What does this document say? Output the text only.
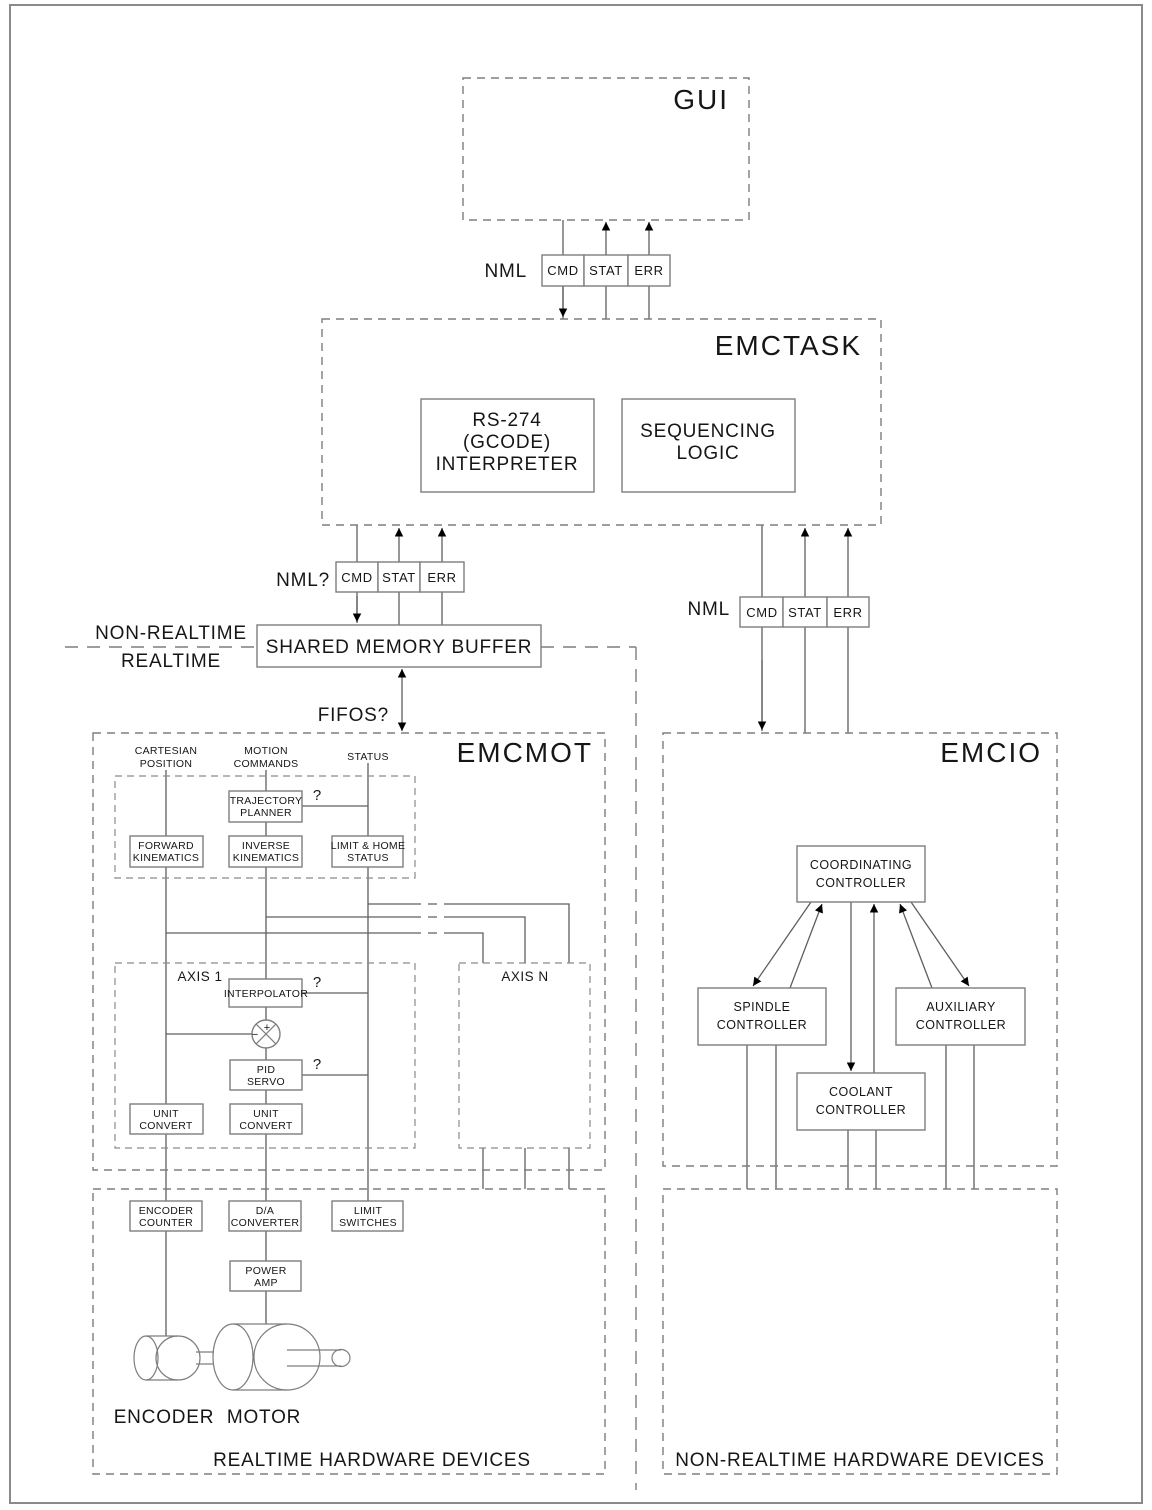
GUI
NML CMD STAT ERR
EMCTASK
RS-274
(GCODE)
INTERPRETER
SEQUENCING
LOGIC
NML? CMD STAT ERR
NML CMD STAT ERR
NON-REALTIME
REALTIME
SHARED MEMORY BUFFER
FIFOS?
EMCMOT
CARTESIAN
POSITION
MOTION
COMMANDS
STATUS
TRAJECTORY
PLANNER
?
FORWARD
KINEMATICS
INVERSE
KINEMATICS
LIMIT & HOME
STATUS
AXIS 1	AXIS N
INTERPOLATOR
?
+
−
PID
SERVO
?
UNIT
CONVERT
UNIT
CONVERT
EMCIO
COORDINATING
CONTROLLER
SPINDLE
CONTROLLER
AUXILIARY
CONTROLLER
COOLANT
CONTROLLER
ENCODER
COUNTER
D/A
CONVERTER
LIMIT
SWITCHES
POWER
AMP
ENCODER MOTOR
REALTIME HARDWARE DEVICES	NON-REALTIME HARDWARE DEVICES
